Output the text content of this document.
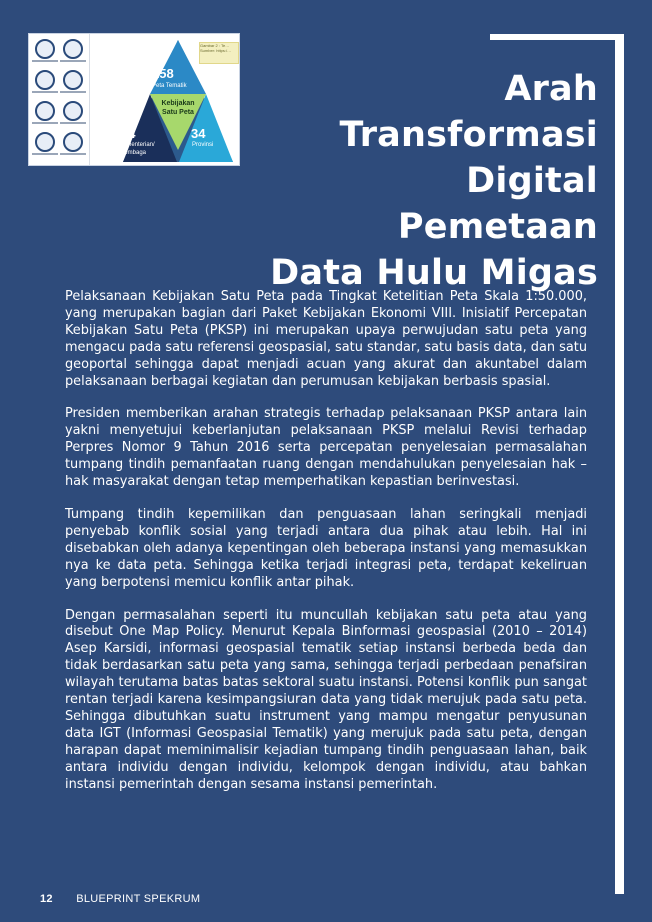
158
Peta Tematik
Kebijakan
Satu Peta
24
Kementerian/
Lembaga
34
Provinsi
Gambar 2 : Te… Sumber: https:/…
Arah
Transformasi
Digital Pemetaan
Data Hulu Migas

Pelaksanaan Kebijakan Satu Peta pada Tingkat Ketelitian Peta Skala 1:50.000, yang merupakan bagian dari Paket Kebijakan Ekonomi VIII. Inisiatif Percepatan Kebijakan Satu Peta (PKSP) ini merupakan upaya perwujudan satu peta yang mengacu pada satu referensi geospasial, satu standar, satu basis data, dan satu geoportal sehingga dapat menjadi acuan yang akurat dan akuntabel dalam pelaksanaan berbagai kegiatan dan perumusan kebijakan berbasis spasial.

Presiden memberikan arahan strategis terhadap pelaksanaan PKSP antara lain yakni menyetujui keberlanjutan pelaksanaan PKSP melalui Revisi terhadap Perpres Nomor 9 Tahun 2016 serta percepatan penyelesaian permasalahan tumpang tindih pemanfaatan ruang dengan mendahulukan penyelesaian hak – hak masyarakat dengan tetap memperhatikan kepastian berinvestasi.

Tumpang tindih kepemilikan dan penguasaan lahan seringkali menjadi penyebab konflik sosial yang terjadi antara dua pihak atau lebih. Hal ini disebabkan oleh adanya kepentingan oleh beberapa instansi yang memasukkan nya ke data peta. Sehingga ketika terjadi integrasi peta, terdapat kekeliruan yang berpotensi memicu konflik antar pihak.

Dengan permasalahan seperti itu muncullah kebijakan satu peta atau yang disebut One Map Policy. Menurut Kepala Binformasi geospasial (2010 – 2014) Asep Karsidi, informasi geospasial tematik setiap instansi berbeda beda dan tidak berdasarkan satu peta yang sama, sehingga terjadi perbedaan penafsiran wilayah terutama batas batas sektoral suatu instansi. Potensi konflik pun sangat rentan terjadi karena kesimpangsiuran data yang tidak merujuk pada satu peta. Sehingga dibutuhkan suatu instrument yang mampu mengatur penyusunan data IGT (Informasi Geospasial Tematik) yang merujuk pada satu peta, dengan harapan dapat meminimalisir kejadian tumpang tindih penguasaan lahan, baik antara individu dengan individu, kelompok dengan individu, atau bahkan instansi pemerintah dengan sesama instansi pemerintah.

12 BLUEPRINT SPEKRUM
